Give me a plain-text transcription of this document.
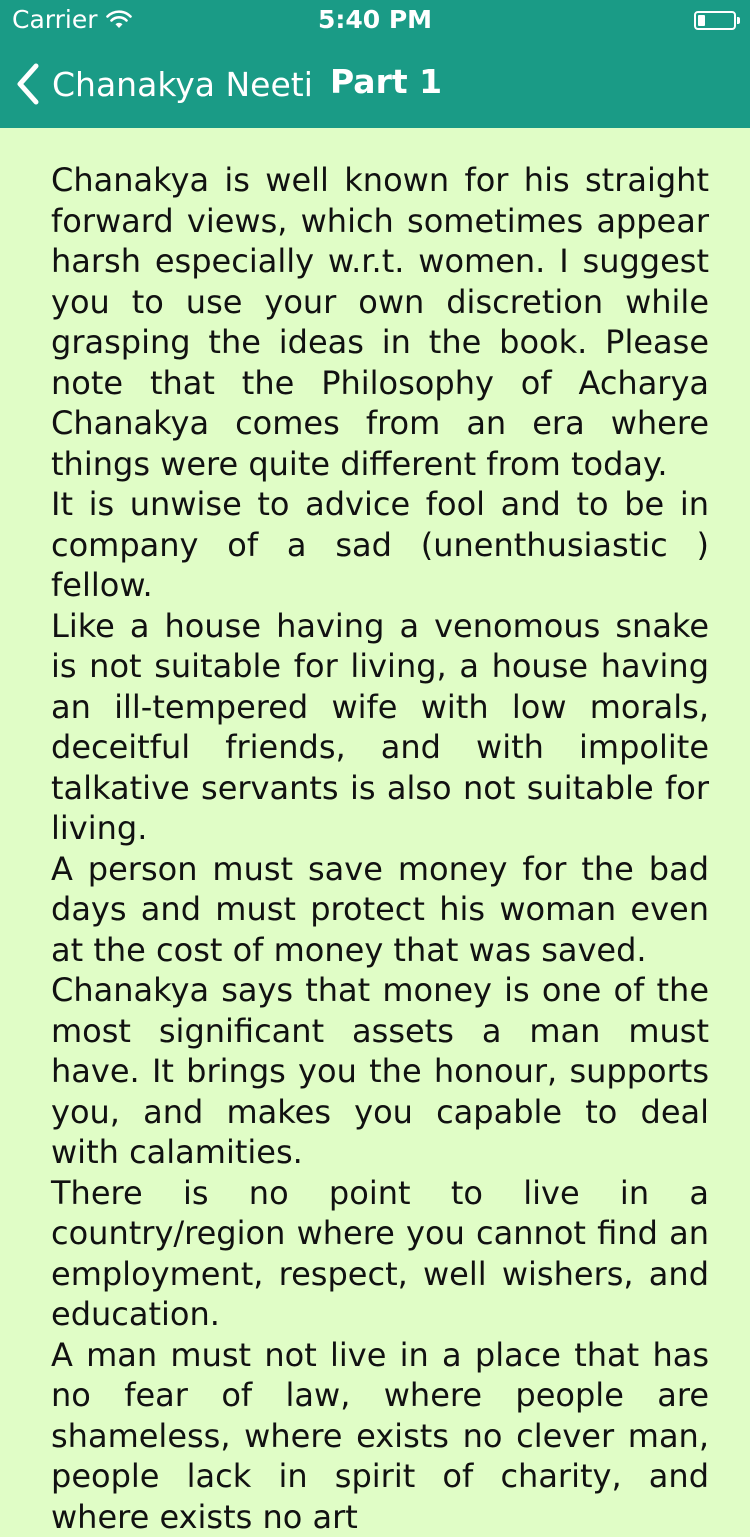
Carrier	5:40 PM
Chanakya Neeti Part 1

Chanakya is well known for his straight forward views, which sometimes appear harsh especially w.r.t. women. I suggest you to use your own discretion while grasping the ideas in the book. Please note that the Philosophy of Acharya Chanakya comes from an era where things were quite different from today.

It is unwise to advice fool and to be in company of a sad (unenthusiastic ) fellow.

Like a house having a venomous snake is not suitable for living, a house having an ill-tempered wife with low morals, deceitful friends, and with impolite talkative servants is also not suitable for living.

A person must save money for the bad days and must protect his woman even at the cost of money that was saved.

Chanakya says that money is one of the most significant assets a man must have. It brings you the honour, supports you, and makes you capable to deal with calamities.

There is no point to live in a country/region where you cannot find an employment, respect, well wishers, and education.

A man must not live in a place that has no fear of law, where people are shameless, where exists no clever man, people lack in spirit of charity, and where exists no art
